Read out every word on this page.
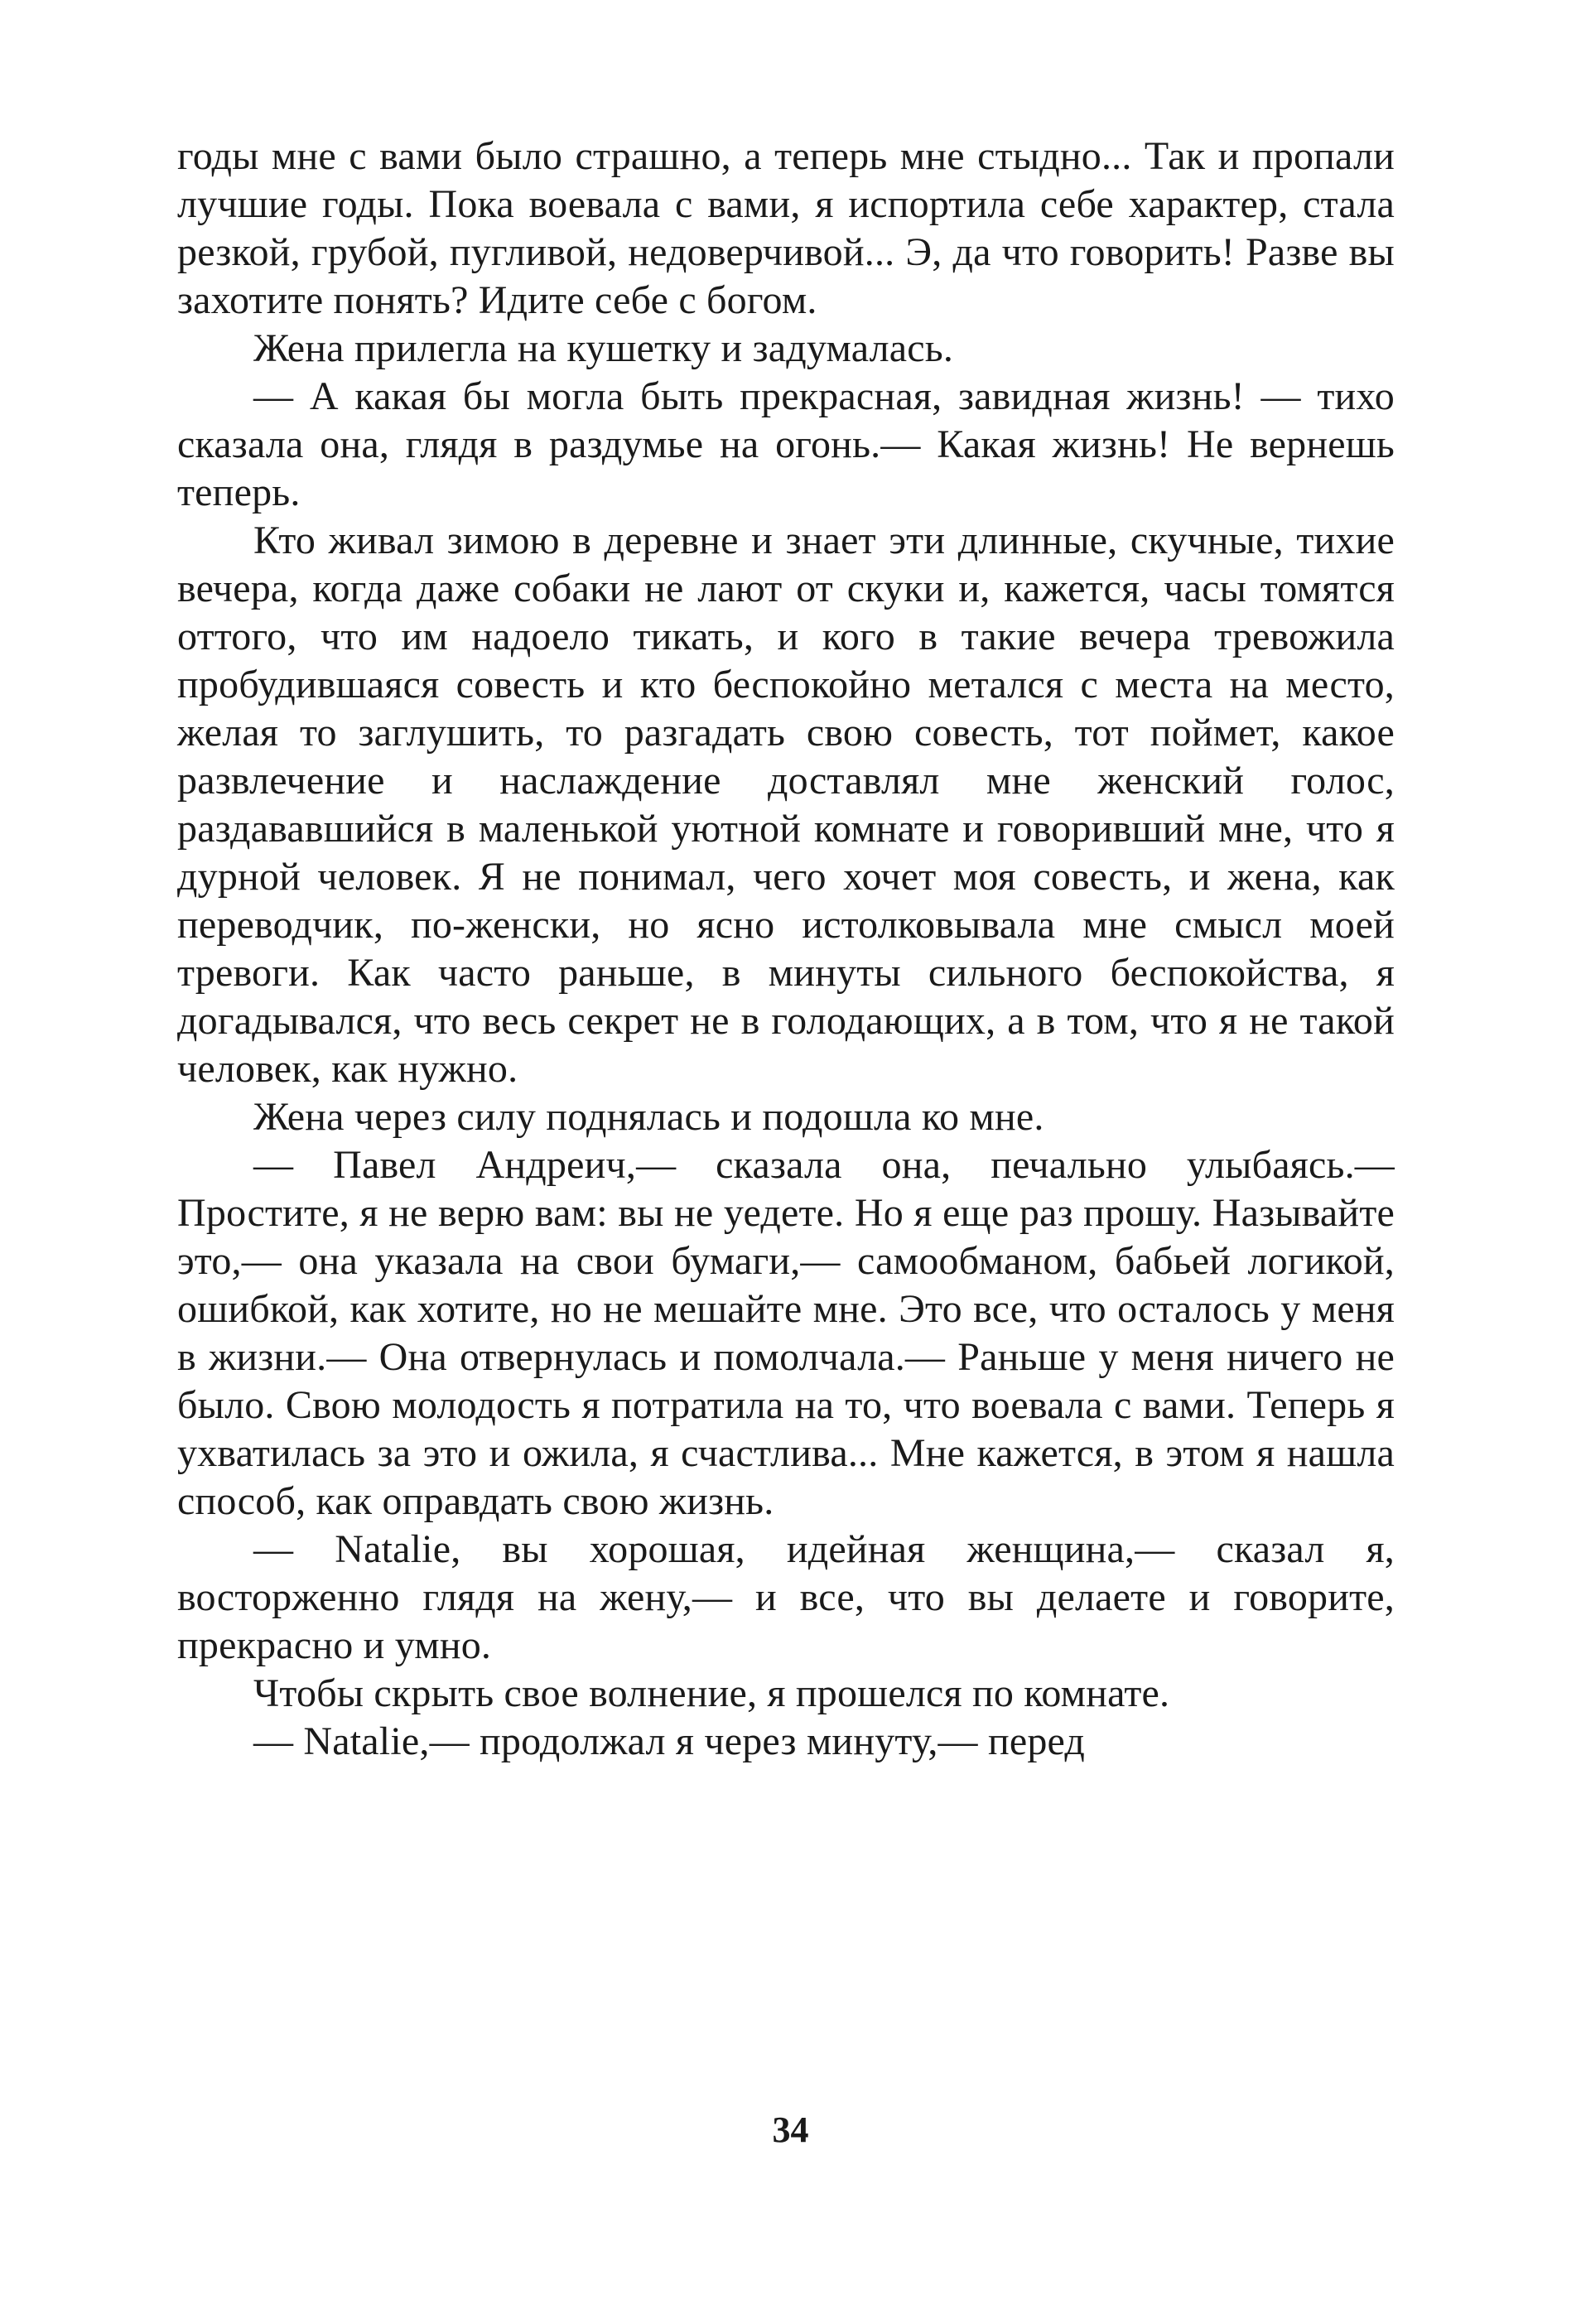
годы мне с вами было страшно, а теперь мне стыдно... Так и пропали лучшие годы. Пока воевала с вами, я испортила себе характер, стала резкой, грубой, пугливой, недоверчивой... Э, да что говорить! Разве вы захотите понять? Идите себе с богом.

Жена прилегла на кушетку и задумалась.

— А какая бы могла быть прекрасная, завидная жизнь! — тихо сказала она, глядя в раздумье на огонь.— Какая жизнь! Не вернешь теперь.

Кто живал зимою в деревне и знает эти длинные, скучные, тихие вечера, когда даже собаки не лают от скуки и, кажется, часы томятся оттого, что им надоело тикать, и кого в такие вечера тревожила пробудившаяся совесть и кто беспокойно метался с места на место, желая то заглушить, то разгадать свою совесть, тот поймет, какое развлечение и наслаждение доставлял мне женский голос, раздававшийся в маленькой уютной комнате и говоривший мне, что я дурной человек. Я не понимал, чего хочет моя совесть, и жена, как переводчик, по-женски, но ясно истолковывала мне смысл моей тревоги. Как часто раньше, в минуты сильного беспокойства, я догадывался, что весь секрет не в голодающих, а в том, что я не такой человек, как нужно.

Жена через силу поднялась и подошла ко мне.

— Павел Андреич,— сказала она, печально улыбаясь.— Простите, я не верю вам: вы не уедете. Но я еще раз прошу. Называйте это,— она указала на свои бумаги,— самообманом, бабьей логикой, ошибкой, как хотите, но не мешайте мне. Это все, что осталось у меня в жизни.— Она отвернулась и помолчала.— Раньше у меня ничего не было. Свою молодость я потратила на то, что воевала с вами. Теперь я ухватилась за это и ожила, я счастлива... Мне кажется, в этом я нашла способ, как оправдать свою жизнь.

— Natalie, вы хорошая, идейная женщина,— сказал я, восторженно глядя на жену,— и все, что вы делаете и говорите, прекрасно и умно.

Чтобы скрыть свое волнение, я прошелся по комнате.

— Natalie,— продолжал я через минуту,— перед

34
